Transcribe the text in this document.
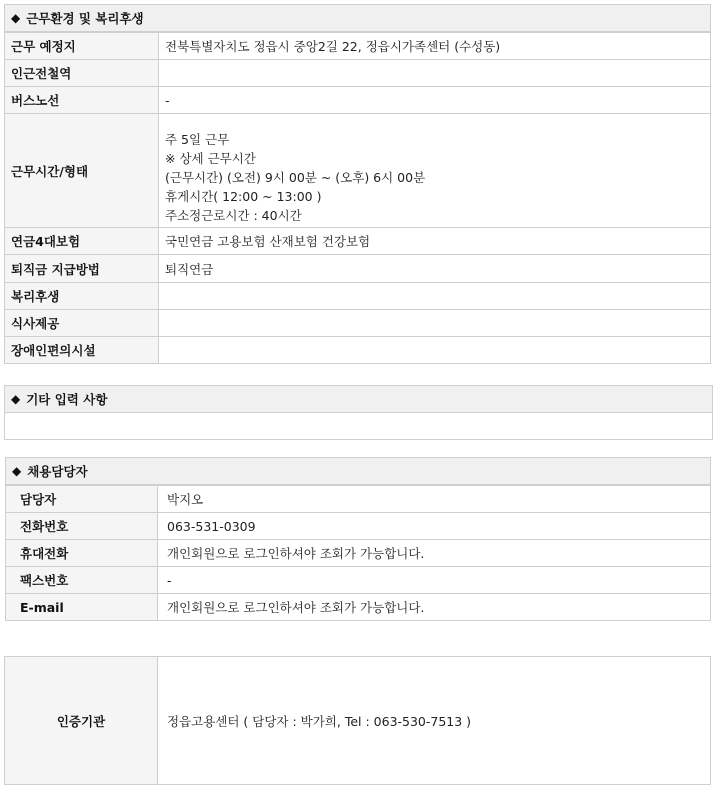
◆ 근무환경 및 복리후생
근무 예정지	전북특별자치도 정읍시 중앙2길 22, 정읍시가족센터 (수성동)
인근전철역	
버스노선	-
근무시간/형태	주 5일 근무
※ 상세 근무시간
(근무시간) (오전) 9시 00분 ~ (오후) 6시 00분
휴게시간( 12:00 ~ 13:00 )
주소정근로시간 : 40시간

연금4대보험	국민연금 고용보험 산재보험 건강보험
퇴직금 지급방법	퇴직연금
복리후생	
식사제공	
장애인편의시설	
◆ 기타 입력 사항
◆ 채용담당자
담당자	박지오
전화번호	063-531-0309
휴대전화	개인회원으로 로그인하셔야 조회가 가능합니다.
팩스번호	-
E-mail	개인회원으로 로그인하셔야 조회가 가능합니다.
인증기관	정읍고용센터 ( 담당자 : 박가희, Tel : 063-530-7513 )
